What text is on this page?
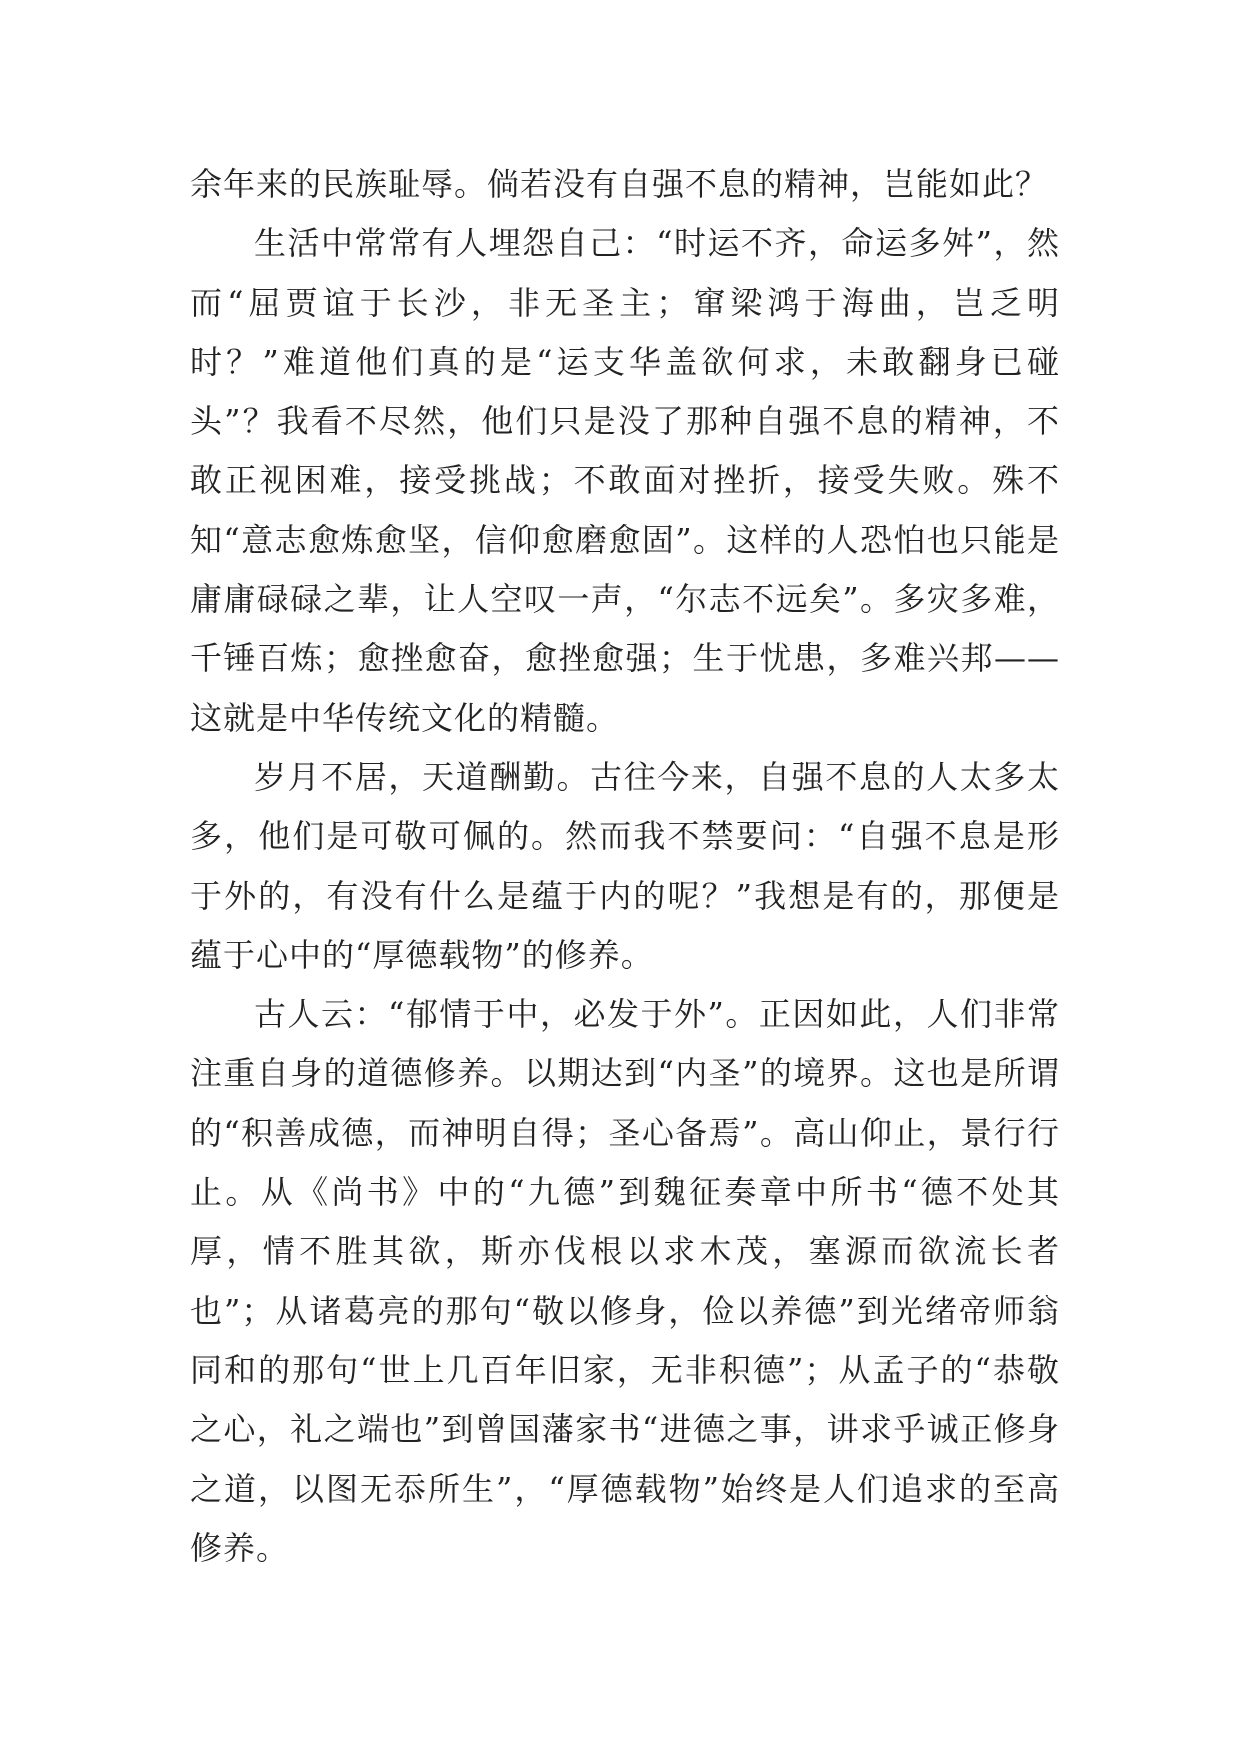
余年来的民族耻辱。倘若没有自强不息的精神，岂能如此？

生活中常常有人埋怨自己：“时运不齐，命运多舛”，然而“屈贾谊于长沙，非无圣主；窜梁鸿于海曲，岂乏明时？”难道他们真的是“运支华盖欲何求，未敢翻身已碰头”？我看不尽然，他们只是没了那种自强不息的精神，不敢正视困难，接受挑战；不敢面对挫折，接受失败。殊不知“意志愈炼愈坚，信仰愈磨愈固”。这样的人恐怕也只能是庸庸碌碌之辈，让人空叹一声，“尔志不远矣”。多灾多难，千锤百炼；愈挫愈奋，愈挫愈强；生于忧患，多难兴邦——这就是中华传统文化的精髓。

岁月不居，天道酬勤。古往今来，自强不息的人太多太多，他们是可敬可佩的。然而我不禁要问：“自强不息是形于外的，有没有什么是蕴于内的呢？”我想是有的，那便是蕴于心中的“厚德载物”的修养。

古人云：“郁情于中，必发于外”。正因如此，人们非常注重自身的道德修养。以期达到“内圣”的境界。这也是所谓的“积善成德，而神明自得；圣心备焉”。高山仰止，景行行止。从《尚书》中的“九德”到魏征奏章中所书“德不处其厚，情不胜其欲，斯亦伐根以求木茂，塞源而欲流长者也”；从诸葛亮的那句“敬以修身，俭以养德”到光绪帝师翁同和的那句“世上几百年旧家，无非积德”；从孟子的“恭敬之心，礼之端也”到曾国藩家书“进德之事，讲求乎诚正修身之道，以图无忝所生”，“厚德载物”始终是人们追求的至高修养。
